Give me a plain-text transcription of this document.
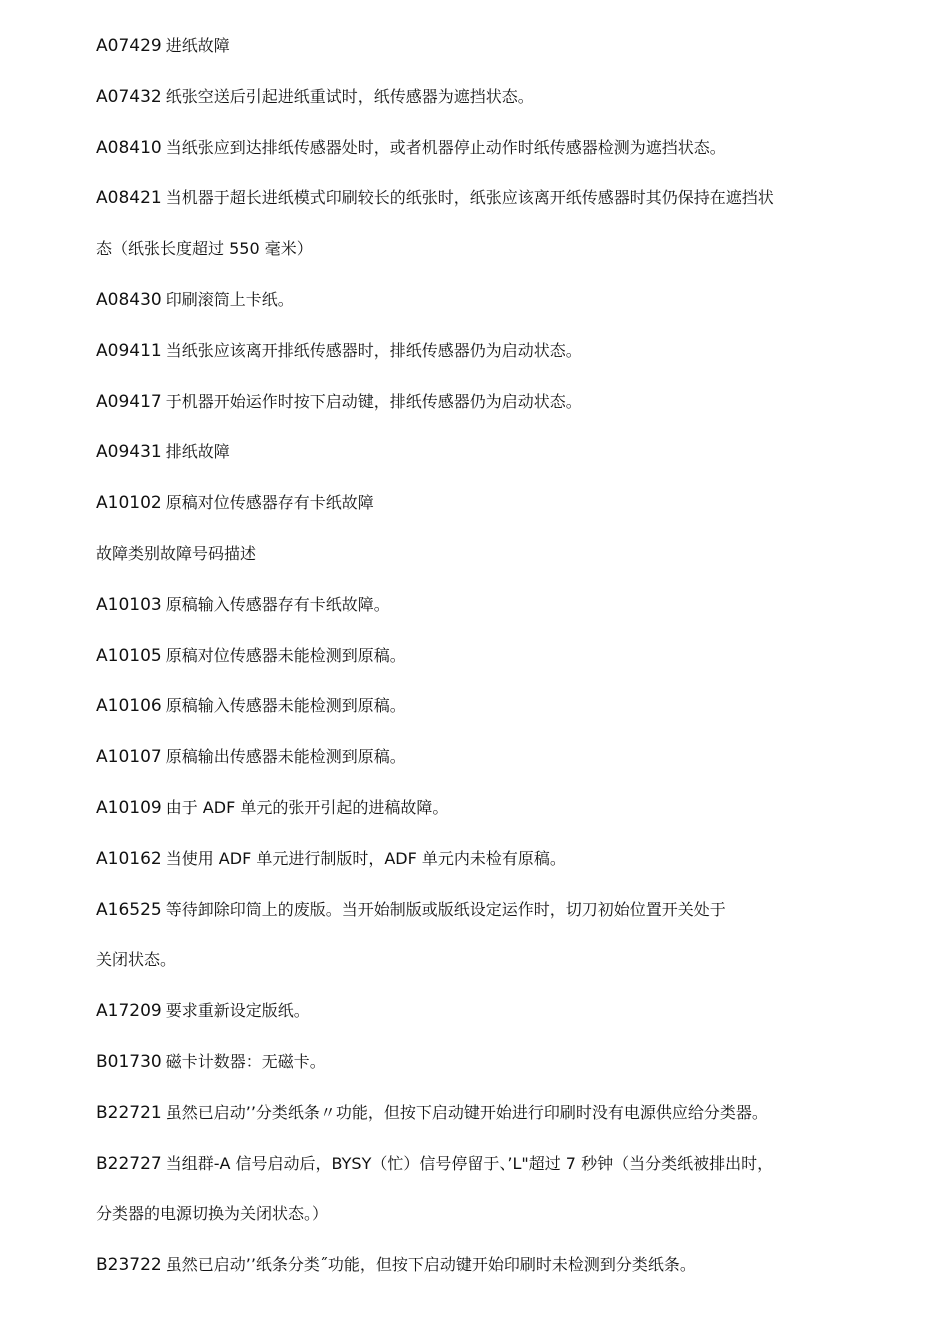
A07429 进纸故障
A07432 纸张空送后引起进纸重试时，纸传感器为遮挡状态。
A08410 当纸张应到达排纸传感器处时，或者机器停止动作时纸传感器检测为遮挡状态。
A08421 当机器于超长进纸模式印刷较长的纸张时，纸张应该离开纸传感器时其仍保持在遮挡状
态（纸张长度超过 550 毫米）
A08430 印刷滚筒上卡纸。
A09411 当纸张应该离开排纸传感器时，排纸传感器仍为启动状态。
A09417 于机器开始运作时按下启动键，排纸传感器仍为启动状态。
A09431 排纸故障
A10102 原稿对位传感器存有卡纸故障
故障类别故障号码描述
A10103 原稿输入传感器存有卡纸故障。
A10105 原稿对位传感器未能检测到原稿。
A10106 原稿输入传感器未能检测到原稿。
A10107 原稿输出传感器未能检测到原稿。
A10109 由于 ADF 单元的张开引起的进稿故障。
A10162 当使用 ADF 单元进行制版时，ADF 单元内未检有原稿。
A16525 等待卸除印筒上的废版。当开始制版或版纸设定运作时，切刀初始位置开关处于
关闭状态。
A17209 要求重新设定版纸。
B01730 磁卡计数器：无磁卡。
B22721 虽然已启动’’分类纸条〃功能，但按下启动键开始进行印刷时没有电源供应给分类器。
B22727 当组群-A 信号启动后，BYSY（忙）信号停留于、’L"超过 7 秒钟（当分类纸被排出时，
分类器的电源切换为关闭状态。）
B23722 虽然已启动’’纸条分类˝功能，但按下启动键开始印刷时未检测到分类纸条。
